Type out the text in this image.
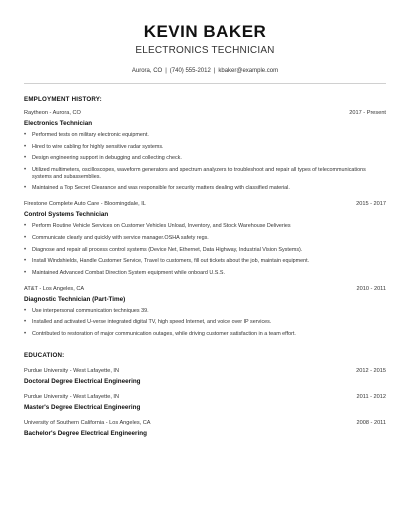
KEVIN BAKER
ELECTRONICS TECHNICIAN
Aurora, CO | (740) 555-2012 | kbaker@example.com
EMPLOYMENT HISTORY:
Raytheon - Aurora, CO	2017 - Present
Electronics Technician
• Performed tests on military electronic equipment.
• Hired to wire cabling for highly sensitive radar systems.
• Design engineering support in debugging and collecting check.
• Utilized multimeters, oscilloscopes, waveform generators and spectrum analyzers to troubleshoot and repair all types of telecommunications systems and subassemblies.
• Maintained a Top Secret Clearance and was responsible for security matters dealing with classified material.
Firestone Complete Auto Care - Bloomingdale, IL	2015 - 2017
Control Systems Technician
• Perform Routine Vehicle Services on Customer Vehicles Unload, Inventory, and Stock Warehouse Deliveries
• Communicate clearly and quickly with service manager.OSHA safety regs.
• Diagnose and repair all process control systems (Device Net, Ethernet, Data Highway, Industrial Vision Systems).
• Install Windshields, Handle Customer Service, Travel to customers, fill out tickets about the job, maintain equipment.
• Maintained Advanced Combat Direction System equipment while onboard U.S.S.
AT&T - Los Angeles, CA	2010 - 2011
Diagnostic Technician (Part-Time)
• Use interpersonal communication techniques 39.
• Installed and activated U-verse integrated digital TV, high speed Internet, and voice over IP services.
• Contributed to restoration of major communication outages, while driving customer satisfaction in a team effort.
EDUCATION:
Purdue University - West Lafayette, IN	2012 - 2015
Doctoral Degree Electrical Engineering
Purdue University - West Lafayette, IN	2011 - 2012
Master's Degree Electrical Engineering
University of Southern California - Los Angeles, CA	2008 - 2011
Bachelor's Degree Electrical Engineering
